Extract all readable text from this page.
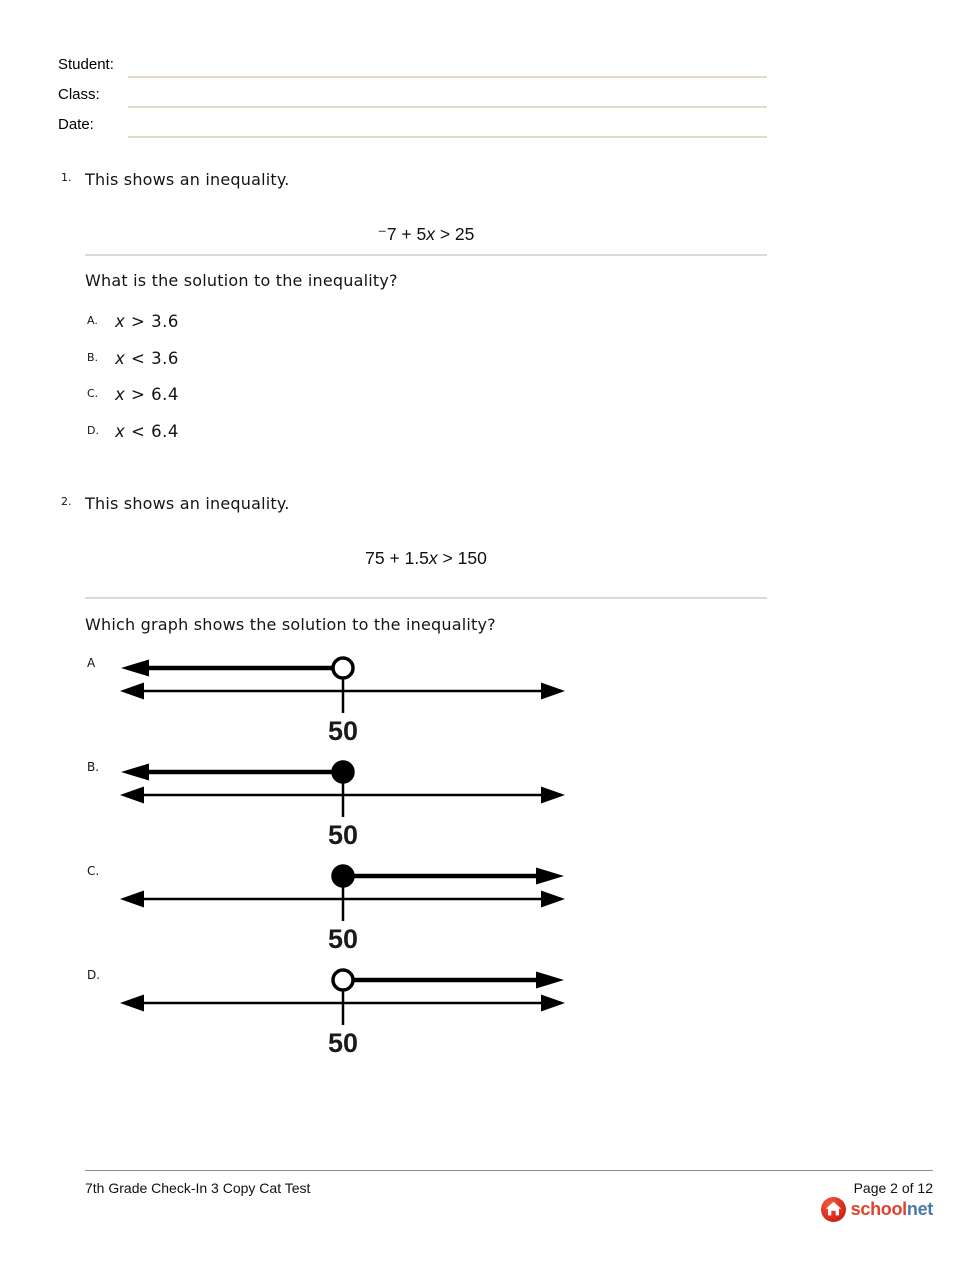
Student:
Class:
Date:
1. This shows an inequality.
⁻7 + 5x > 25
What is the solution to the inequality?
A. x > 3.6
B. x < 3.6
C. x > 6.4
D. x < 6.4
2. This shows an inequality.
75 + 1.5x > 150
Which graph shows the solution to the inequality?
A
50
B.
50
C.
50
D.
50
7th Grade Check-In 3 Copy Cat Test	Page 2 of 12
schoolnet
